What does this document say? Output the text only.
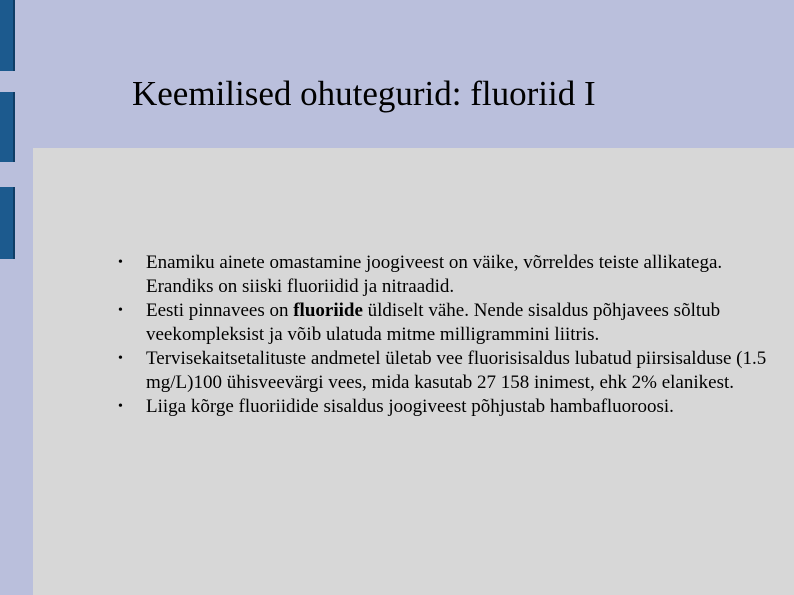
Keemilised ohutegurid: fluoriid I
• Enamiku ainete omastamine joogiveest on väike, võrreldes teiste allikatega. Erandiks on siiski fluoriidid ja nitraadid.
• Eesti pinnavees on fluoriide üldiselt vähe. Nende sisaldus põhjavees sõltub veekompleksist ja võib ulatuda mitme milligrammini liitris.
• Tervisekaitsetalituste andmetel ületab vee fluorisisaldus lubatud piirsisalduse (1.5 mg/L)100 ühisveevärgi vees, mida kasutab 27 158 inimest, ehk 2% elanikest.
• Liiga kõrge fluoriidide sisaldus joogiveest põhjustab hambafluoroosi.
